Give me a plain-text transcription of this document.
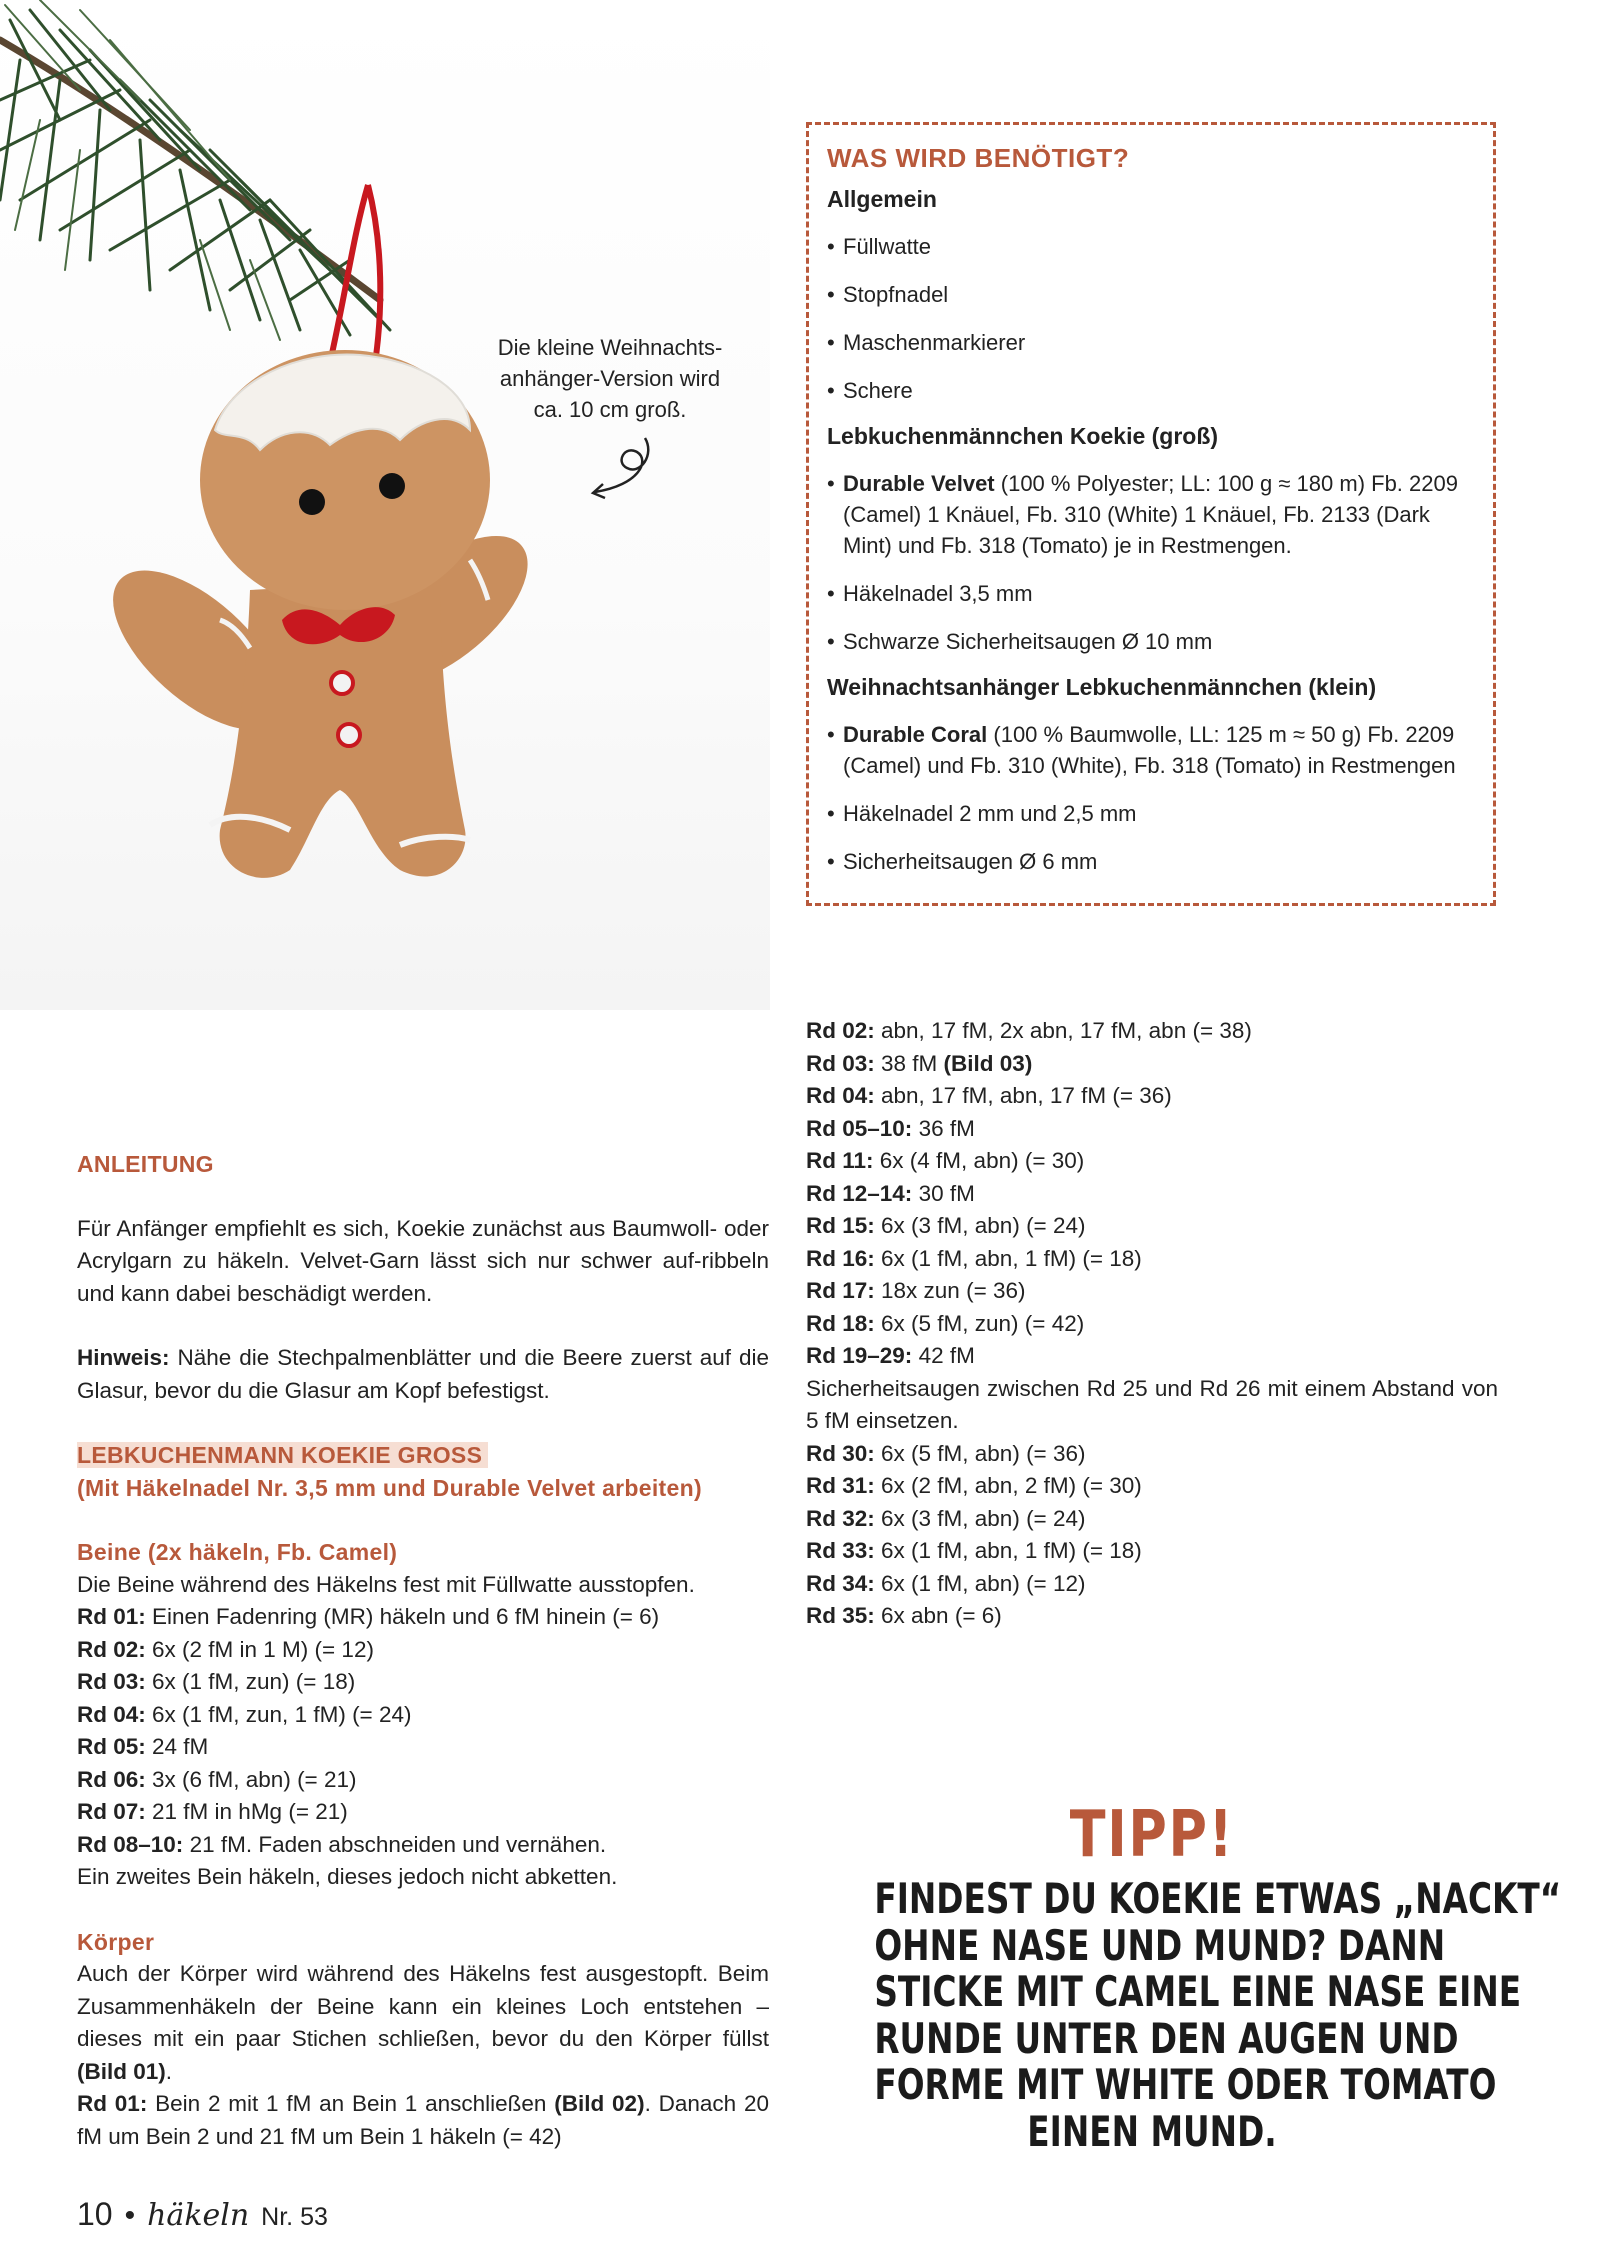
Die kleine Weihnachts-
anhänger-Version wird
ca. 10 cm groß.
WAS WIRD BENÖTIGT?
Allgemein
• Füllwatte
• Stopfnadel
• Maschenmarkierer
• Schere
Lebkuchenmännchen Koekie (groß)
• Durable Velvet (100 % Polyester; LL: 100 g ≈ 180 m) Fb. 2209 (Camel) 1 Knäuel, Fb. 310 (White) 1 Knäuel, Fb. 2133 (Dark Mint) und Fb. 318 (Tomato) je in Restmengen.
• Häkelnadel 3,5 mm
• Schwarze Sicherheitsaugen Ø 10 mm
Weihnachtsanhänger Lebkuchenmännchen (klein)
• Durable Coral (100 % Baumwolle, LL: 125 m ≈ 50 g) Fb. 2209 (Camel) und Fb. 310 (White), Fb. 318 (Tomato) in Restmengen
• Häkelnadel 2 mm und 2,5 mm
• Sicherheitsaugen Ø 6 mm

ANLEITUNG

Für Anfänger empfiehlt es sich, Koekie zunächst aus Baumwoll- oder Acrylgarn zu häkeln. Velvet-Garn lässt sich nur schwer auf-ribbeln und kann dabei beschädigt werden.

Hinweis: Nähe die Stechpalmenblätter und die Beere zuerst auf die Glasur, bevor du die Glasur am Kopf befestigst.

LEBKUCHENMANN KOEKIE GROSS

(Mit Häkelnadel Nr. 3,5 mm und Durable Velvet arbeiten)

Beine (2x häkeln, Fb. Camel)

Die Beine während des Häkelns fest mit Füllwatte ausstopfen.

Rd 01: Einen Fadenring (MR) häkeln und 6 fM hinein (= 6)

Rd 02: 6x (2 fM in 1 M) (= 12)

Rd 03: 6x (1 fM, zun) (= 18)

Rd 04: 6x (1 fM, zun, 1 fM) (= 24)

Rd 05: 24 fM

Rd 06: 3x (6 fM, abn) (= 21)

Rd 07: 21 fM in hMg (= 21)

Rd 08–10: 21 fM. Faden abschneiden und vernähen.

Ein zweites Bein häkeln, dieses jedoch nicht abketten.

Körper

Auch der Körper wird während des Häkelns fest ausgestopft. Beim Zusammenhäkeln der Beine kann ein kleines Loch entstehen – dieses mit ein paar Stichen schließen, bevor du den Körper füllst (Bild 01).

Rd 01: Bein 2 mit 1 fM an Bein 1 anschließen (Bild 02). Danach 20 fM um Bein 2 und 21 fM um Bein 1 häkeln (= 42)

Rd 02: abn, 17 fM, 2x abn, 17 fM, abn (= 38)

Rd 03: 38 fM (Bild 03)

Rd 04: abn, 17 fM, abn, 17 fM (= 36)

Rd 05–10: 36 fM

Rd 11: 6x (4 fM, abn) (= 30)

Rd 12–14: 30 fM

Rd 15: 6x (3 fM, abn) (= 24)

Rd 16: 6x (1 fM, abn, 1 fM) (= 18)

Rd 17: 18x zun (= 36)

Rd 18: 6x (5 fM, zun) (= 42)

Rd 19–29: 42 fM

Sicherheitsaugen zwischen Rd 25 und Rd 26 mit einem Abstand von 5 fM einsetzen.

Rd 30: 6x (5 fM, abn) (= 36)

Rd 31: 6x (2 fM, abn, 2 fM) (= 30)

Rd 32: 6x (3 fM, abn) (= 24)

Rd 33: 6x (1 fM, abn, 1 fM) (= 18)

Rd 34: 6x (1 fM, abn) (= 12)

Rd 35: 6x abn (= 6)

TIPP!
FINDEST DU KOEKIE ETWAS „NACKT“
OHNE NASE UND MUND? DANN
STICKE MIT CAMEL EINE NASE EINE
RUNDE UNTER DEN AUGEN UND
FORME MIT WHITE ODER TOMATO
EINEN MUND.
10 • häkeln Nr. 53
